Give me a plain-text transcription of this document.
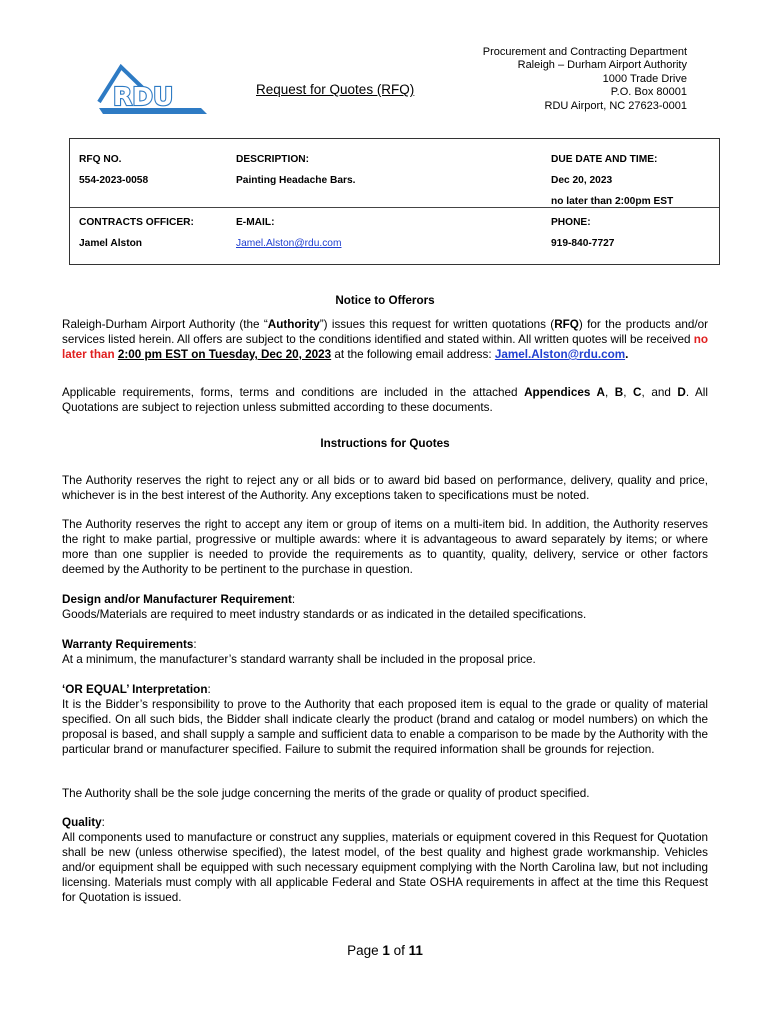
RDU	Request for Quotes (RFQ)
Procurement and Contracting Department
Raleigh – Durham Airport Authority
1000 Trade Drive
P.O. Box 80001
RDU Airport, NC 27623-0001
RFQ NO.	DESCRIPTION:	DUE DATE AND TIME:
554-2023-0058	Painting Headache Bars.	Dec 20, 2023
no later than 2:00pm EST
CONTRACTS OFFICER:	E-MAIL:	PHONE:
Jamel Alston	Jamel.Alston@rdu.com	919-840-7727
Notice to Offerors
Raleigh-Durham Airport Authority (the “Authority”) issues this request for written quotations (RFQ) for the products and/or services listed herein. All offers are subject to the conditions identified and stated within. All written quotes will be received no later than 2:00 pm EST on Tuesday, Dec 20, 2023 at the following email address: Jamel.Alston@rdu.com.
Applicable requirements, forms, terms and conditions are included in the attached Appendices A, B, C, and D. All Quotations are subject to rejection unless submitted according to these documents.
Instructions for Quotes
The Authority reserves the right to reject any or all bids or to award bid based on performance, delivery, quality and price, whichever is in the best interest of the Authority. Any exceptions taken to specifications must be noted.
The Authority reserves the right to accept any item or group of items on a multi-item bid. In addition, the Authority reserves the right to make partial, progressive or multiple awards: where it is advantageous to award separately by items; or where more than one supplier is needed to provide the requirements as to quantity, quality, delivery, service or other factors deemed by the Authority to be pertinent to the purchase in question.
Design and/or Manufacturer Requirement:
Goods/Materials are required to meet industry standards or as indicated in the detailed specifications.
Warranty Requirements:
At a minimum, the manufacturer’s standard warranty shall be included in the proposal price.
‘OR EQUAL’ Interpretation:
It is the Bidder’s responsibility to prove to the Authority that each proposed item is equal to the grade or quality of material specified. On all such bids, the Bidder shall indicate clearly the product (brand and catalog or model numbers) on which the proposal is based, and shall supply a sample and sufficient data to enable a comparison to be made by the Authority with the particular brand or manufacturer specified. Failure to submit the required information shall be grounds for rejection.
The Authority shall be the sole judge concerning the merits of the grade or quality of product specified.
Quality:
All components used to manufacture or construct any supplies, materials or equipment covered in this Request for Quotation shall be new (unless otherwise specified), the latest model, of the best quality and highest grade workmanship. Vehicles and/or equipment shall be equipped with such necessary equipment complying with the North Carolina law, but not including licensing. Materials must comply with all applicable Federal and State OSHA requirements in affect at the time this Request for Quotation is issued.
Page 1 of 11
